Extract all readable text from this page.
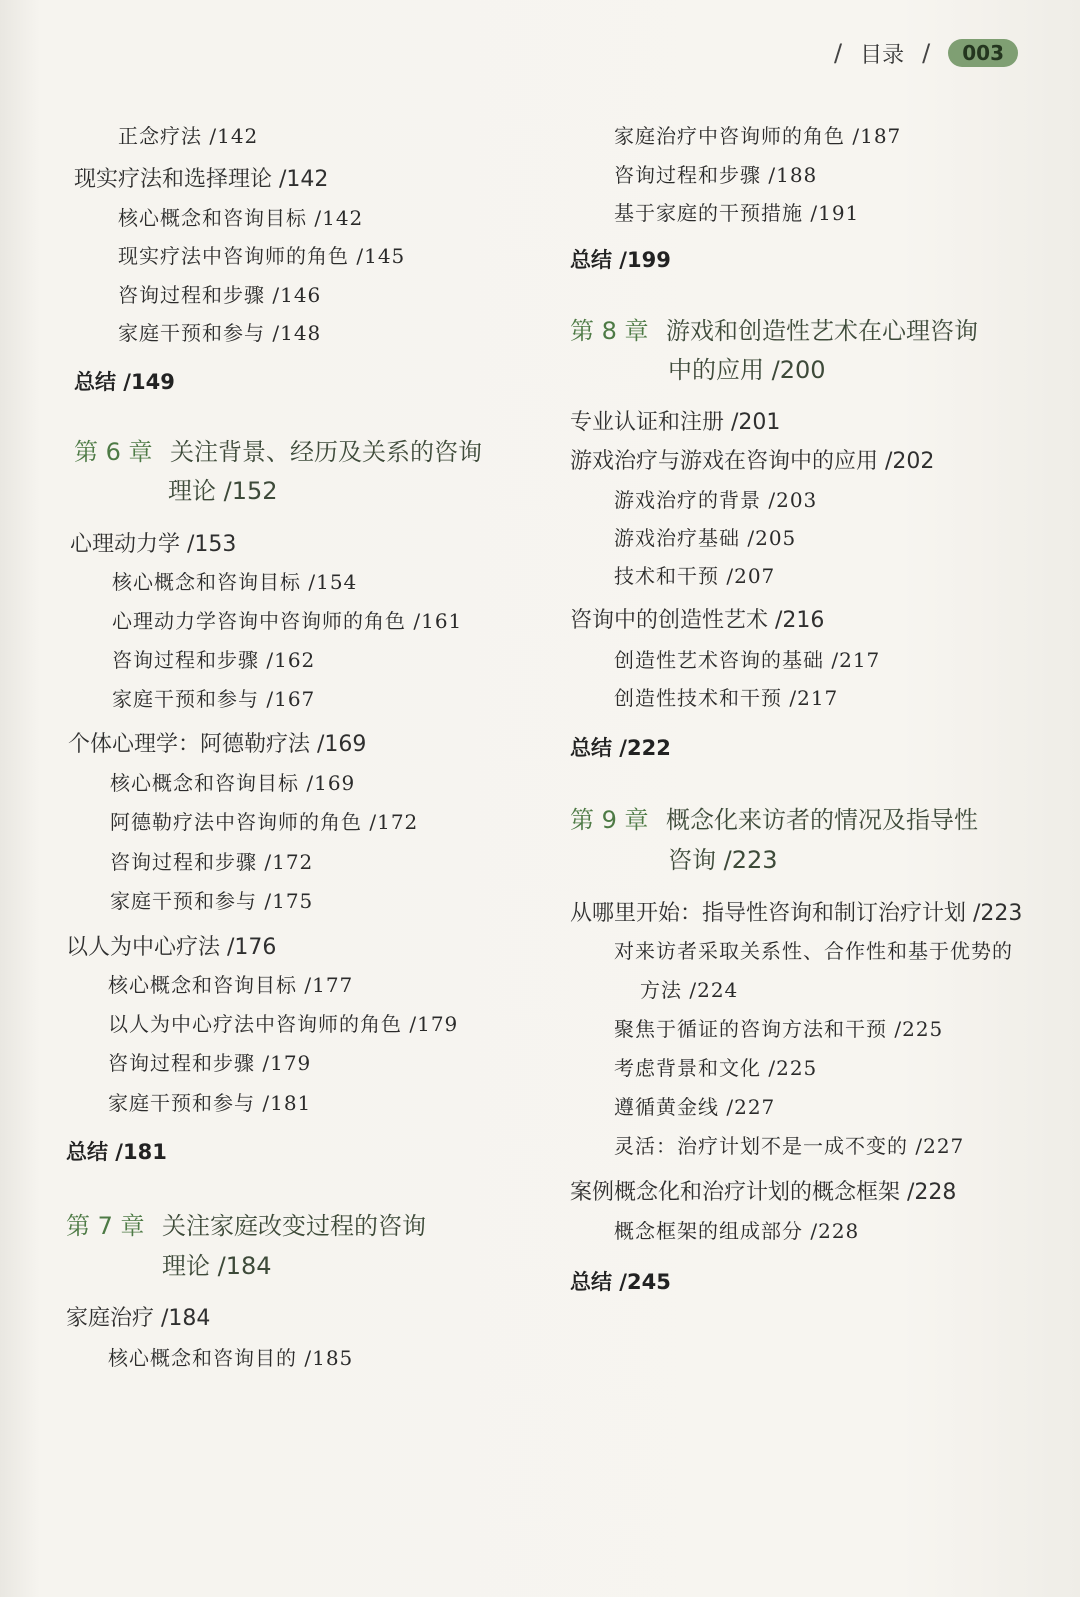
/ 目录 /	003
正念疗法 /142
现实疗法和选择理论 /142
核心概念和咨询目标 /142
现实疗法中咨询师的角色 /145
咨询过程和步骤 /146
家庭干预和参与 /148
总结 /149
第 6 章 关注背景、经历及关系的咨询
理论 /152
心理动力学 /153
核心概念和咨询目标 /154
心理动力学咨询中咨询师的角色 /161
咨询过程和步骤 /162
家庭干预和参与 /167
个体心理学：阿德勒疗法 /169
核心概念和咨询目标 /169
阿德勒疗法中咨询师的角色 /172
咨询过程和步骤 /172
家庭干预和参与 /175
以人为中心疗法 /176
核心概念和咨询目标 /177
以人为中心疗法中咨询师的角色 /179
咨询过程和步骤 /179
家庭干预和参与 /181
总结 /181
第 7 章 关注家庭改变过程的咨询
理论 /184
家庭治疗 /184
核心概念和咨询目的 /185
家庭治疗中咨询师的角色 /187
咨询过程和步骤 /188
基于家庭的干预措施 /191
总结 /199
第 8 章 游戏和创造性艺术在心理咨询
中的应用 /200
专业认证和注册 /201
游戏治疗与游戏在咨询中的应用 /202
游戏治疗的背景 /203
游戏治疗基础 /205
技术和干预 /207
咨询中的创造性艺术 /216
创造性艺术咨询的基础 /217
创造性技术和干预 /217
总结 /222
第 9 章 概念化来访者的情况及指导性
咨询 /223
从哪里开始：指导性咨询和制订治疗计划 /223
对来访者采取关系性、合作性和基于优势的
方法 /224
聚焦于循证的咨询方法和干预 /225
考虑背景和文化 /225
遵循黄金线 /227
灵活：治疗计划不是一成不变的 /227
案例概念化和治疗计划的概念框架 /228
概念框架的组成部分 /228
总结 /245
